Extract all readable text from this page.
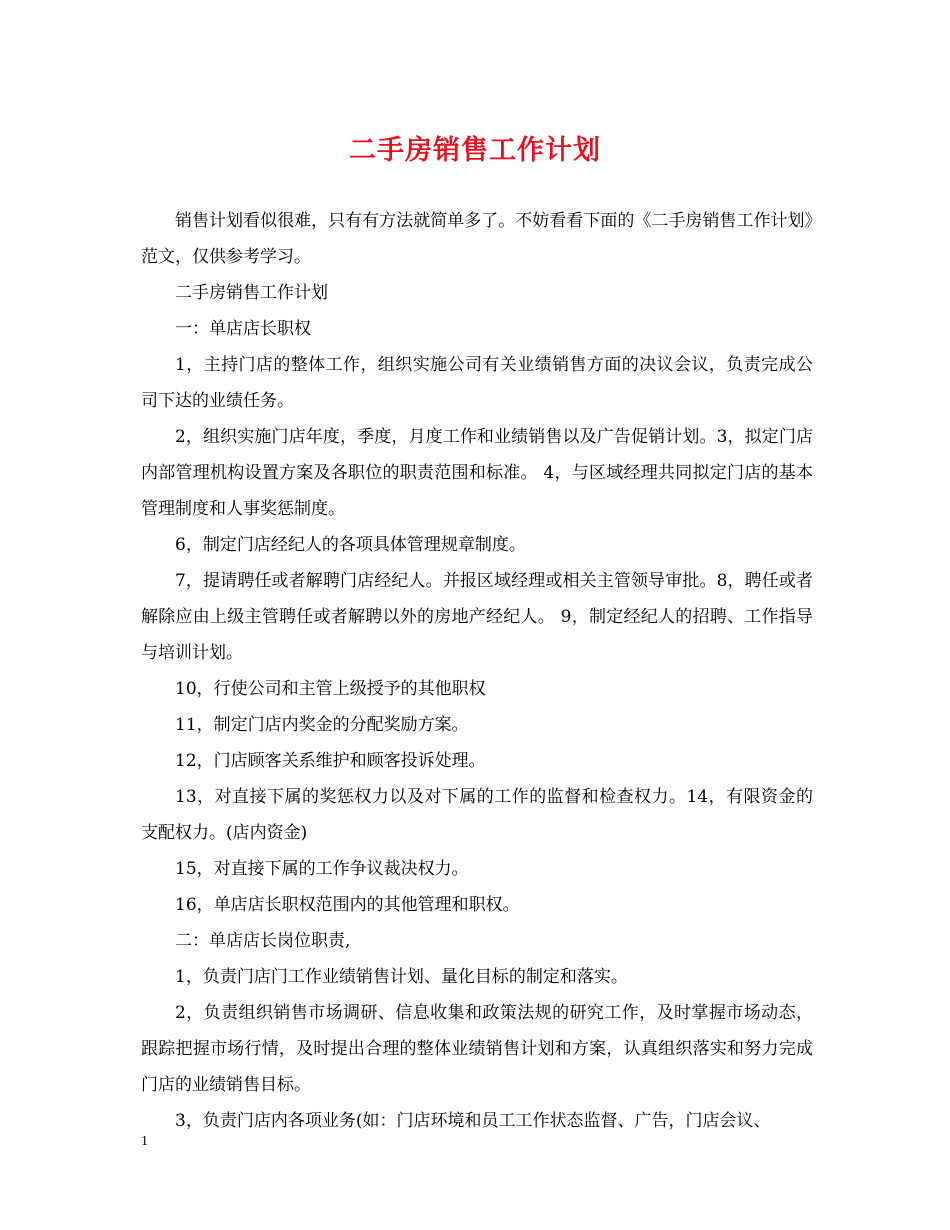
二手房销售工作计划

销售计划看似很难，只有有方法就简单多了。不妨看看下面的《二手房销售工作计划》范文，仅供参考学习。

二手房销售工作计划

一：单店店长职权

1，主持门店的整体工作，组织实施公司有关业绩销售方面的决议会议，负责完成公司下达的业绩任务。

2，组织实施门店年度，季度，月度工作和业绩销售以及广告促销计划。3，拟定门店内部管理机构设置方案及各职位的职责范围和标准。 4，与区域经理共同拟定门店的基本管理制度和人事奖惩制度。

6，制定门店经纪人的各项具体管理规章制度。

7，提请聘任或者解聘门店经纪人。并报区域经理或相关主管领导审批。8，聘任或者解除应由上级主管聘任或者解聘以外的房地产经纪人。 9，制定经纪人的招聘、工作指导与培训计划。

10，行使公司和主管上级授予的其他职权

11，制定门店内奖金的分配奖励方案。

12，门店顾客关系维护和顾客投诉处理。

13，对直接下属的奖惩权力以及对下属的工作的监督和检查权力。14，有限资金的支配权力。(店内资金)

15，对直接下属的工作争议裁决权力。

16，单店店长职权范围内的其他管理和职权。

二：单店店长岗位职责,

1，负责门店门工作业绩销售计划、量化目标的制定和落实。

2，负责组织销售市场调研、信息收集和政策法规的研究工作，及时掌握市场动态，跟踪把握市场行情，及时提出合理的整体业绩销售计划和方案，认真组织落实和努力完成门店的业绩销售目标。

3，负责门店内各项业务(如：门店环境和员工工作状态监督、广告，门店会议、

1
